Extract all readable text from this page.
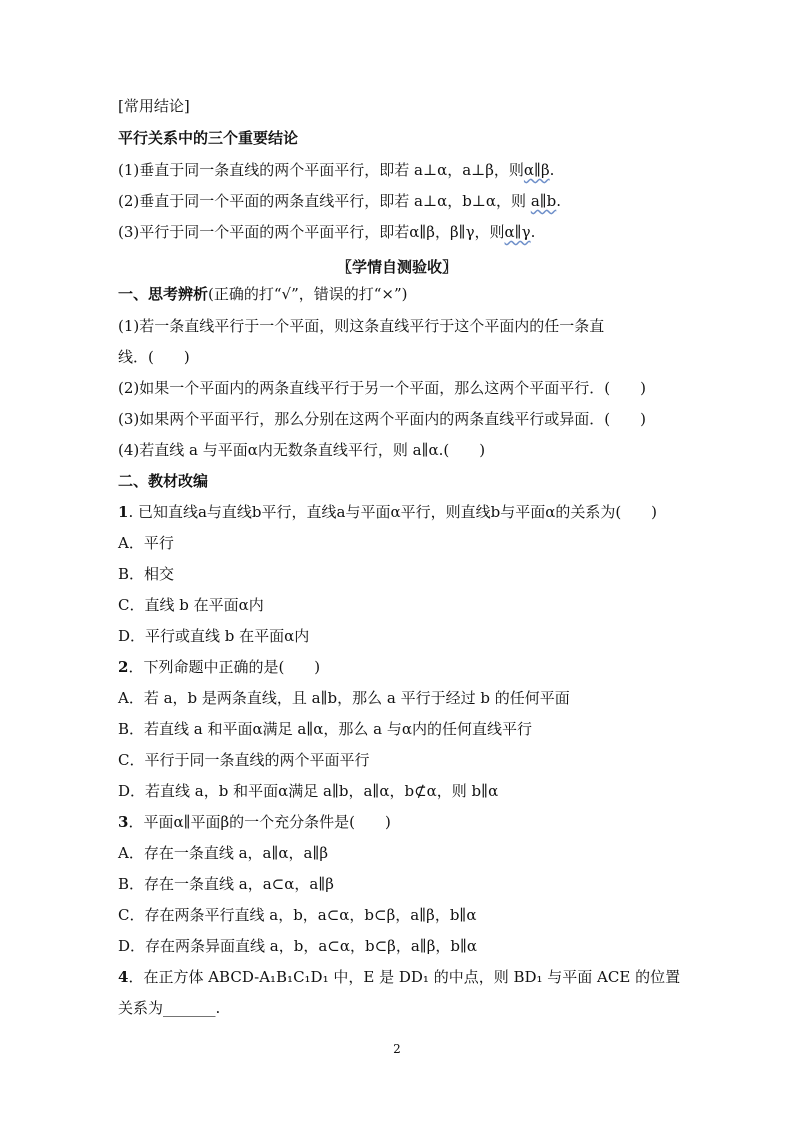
[常用结论]
平行关系中的三个重要结论
(1)垂直于同一条直线的两个平面平行，即若 a⊥α，a⊥β，则α∥β.
(2)垂直于同一个平面的两条直线平行，即若 a⊥α，b⊥α，则 a∥b.
(3)平行于同一个平面的两个平面平行，即若α∥β，β∥γ，则α∥γ.
〖学情自测验收〗
一、思考辨析(正确的打“√”，错误的打“×”)
(1)若一条直线平行于一个平面，则这条直线平行于这个平面内的任一条直
线．(　　)
(2)如果一个平面内的两条直线平行于另一个平面，那么这两个平面平行．(　　)
(3)如果两个平面平行，那么分别在这两个平面内的两条直线平行或异面．(　　)
(4)若直线 a 与平面α内无数条直线平行，则 a∥α.(　　)
二、教材改编
1. 已知直线a与直线b平行，直线a与平面α平行，则直线b与平面α的关系为(　　)
A．平行
B．相交
C．直线 b 在平面α内
D．平行或直线 b 在平面α内
2．下列命题中正确的是(　　)
A．若 a，b 是两条直线，且 a∥b，那么 a 平行于经过 b 的任何平面
B．若直线 a 和平面α满足 a∥α，那么 a 与α内的任何直线平行
C．平行于同一条直线的两个平面平行
D．若直线 a，b 和平面α满足 a∥b，a∥α，b⊄α，则 b∥α
3．平面α∥平面β的一个充分条件是(　　)
A．存在一条直线 a，a∥α，a∥β
B．存在一条直线 a，a⊂α，a∥β
C．存在两条平行直线 a，b，a⊂α，b⊂β，a∥β，b∥α
D．存在两条异面直线 a，b，a⊂α，b⊂β，a∥β，b∥α
4．在正方体 ABCD-A₁B₁C₁D₁ 中，E 是 DD₁ 的中点，则 BD₁ 与平面 ACE 的位置
关系为_______.
2
